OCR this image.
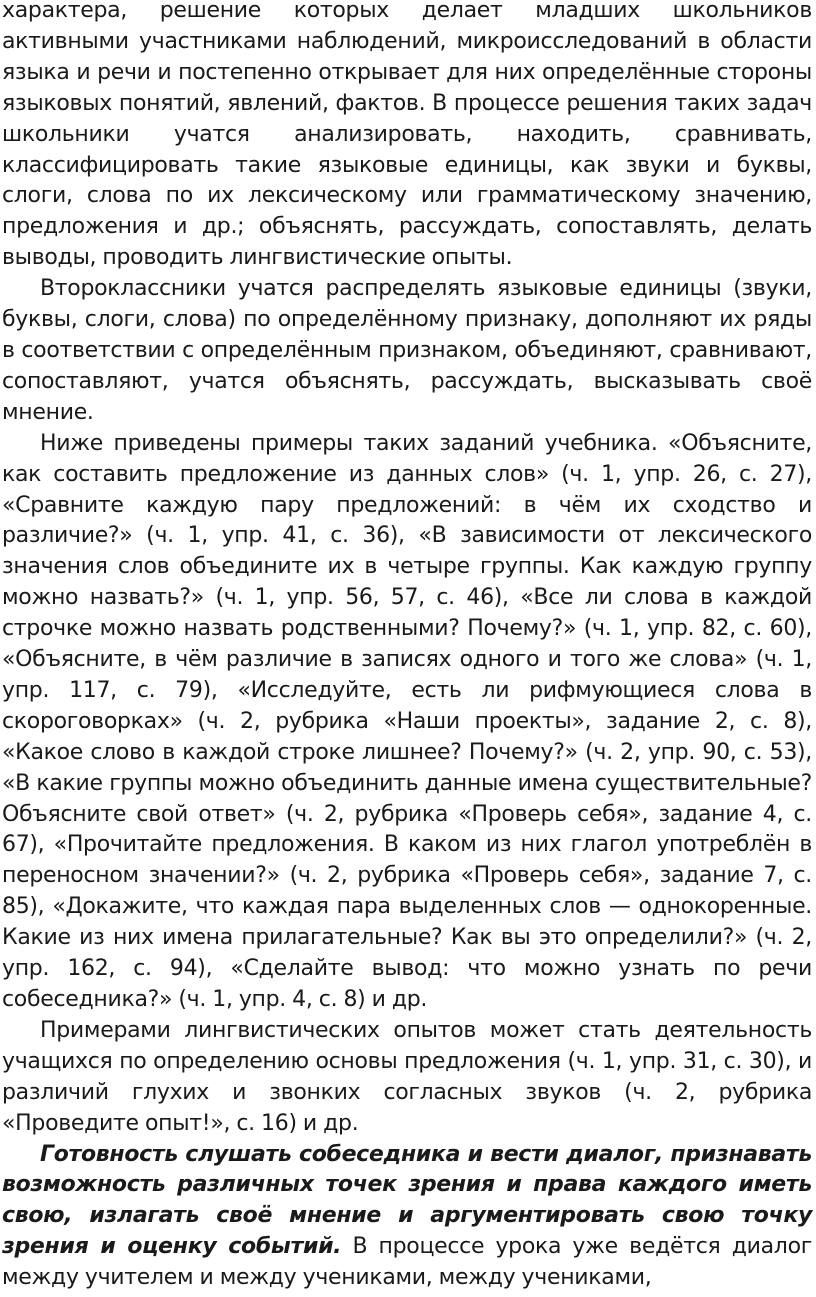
характера, решение которых делает младших школьников активными участниками наблюдений, микроисследований в области языка и речи и постепенно открывает для них определённые стороны языковых понятий, явлений, фактов. В процессе решения таких задач школьники учатся анализировать, находить, сравнивать, классифицировать такие языковые единицы, как звуки и буквы, слоги, слова по их лексическому или грамматическому значению, предложения и др.; объяснять, рассуждать, сопоставлять, делать выводы, проводить лингвистические опыты.

Второклассники учатся распределять языковые единицы (звуки, буквы, слоги, слова) по определённому признаку, дополняют их ряды в соответствии с определённым признаком, объединяют, сравнивают, сопоставляют, учатся объяснять, рассуждать, высказывать своё мнение.

Ниже приведены примеры таких заданий учебника. «Объясните, как составить предложение из данных слов» (ч. 1, упр. 26, с. 27), «Сравните каждую пару предложений: в чём их сходство и различие?» (ч. 1, упр. 41, с. 36), «В зависимости от лексического значения слов объедините их в четыре группы. Как каждую группу можно назвать?» (ч. 1, упр. 56, 57, с. 46), «Все ли слова в каждой строчке можно назвать родственными? Почему?» (ч. 1, упр. 82, с. 60), «Объясните, в чём различие в записях одного и того же слова» (ч. 1, упр. 117, с. 79), «Исследуйте, есть ли рифмующиеся слова в скороговорках» (ч. 2, рубрика «Наши проекты», задание 2, с. 8), «Какое слово в каждой строке лишнее? Почему?» (ч. 2, упр. 90, с. 53), «В какие группы можно объединить данные имена существительные? Объясните свой ответ» (ч. 2, рубрика «Проверь себя», задание 4, с. 67), «Прочитайте предложения. В каком из них глагол употреблён в переносном значении?» (ч. 2, рубрика «Проверь себя», задание 7, с. 85), «Докажите, что каждая пара выделенных слов — однокоренные. Какие из них имена прилагательные? Как вы это определили?» (ч. 2, упр. 162, с. 94), «Сделайте вывод: что можно узнать по речи собеседника?» (ч. 1, упр. 4, с. 8) и др.

Примерами лингвистических опытов может стать деятельность учащихся по определению основы предложения (ч. 1, упр. 31, с. 30), и различий глухих и звонких согласных звуков (ч. 2, рубрика «Проведите опыт!», с. 16) и др.

Готовность слушать собеседника и вести диалог, признавать возможность различных точек зрения и права каждого иметь свою, излагать своё мнение и аргументировать свою точку зрения и оценку событий. В процессе урока уже ведётся диалог между учителем и между учениками, между учениками,
